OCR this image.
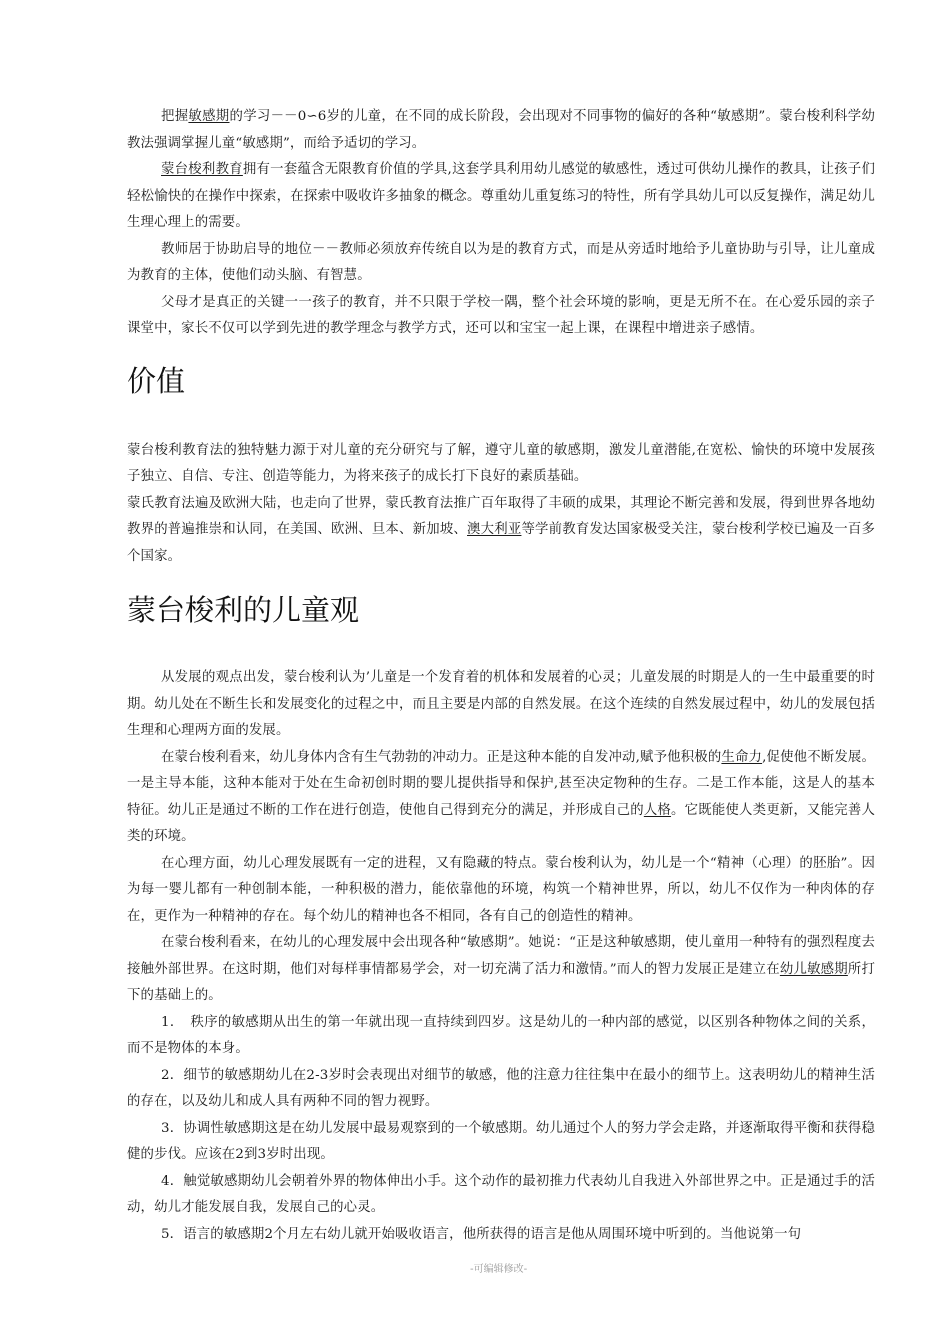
把握敏感期的学习－－0∽6岁的儿童，在不同的成长阶段，会出现对不同事物的偏好的各种“敏感期”。蒙台梭利科学幼教法强调掌握儿童“敏感期”，而给予适切的学习。

蒙台梭利教育拥有一套蕴含无限教育价值的学具,这套学具利用幼儿感觉的敏感性，透过可供幼儿操作的教具，让孩子们轻松愉快的在操作中探索，在探索中吸收许多抽象的概念。尊重幼儿重复练习的特性，所有学具幼儿可以反复操作，满足幼儿生理心理上的需要。

教师居于协助启导的地位－－教师必须放弃传统自以为是的教育方式，而是从旁适时地给予儿童协助与引导，让儿童成为教育的主体，使他们动头脑、有智慧。

父母才是真正的关键一一孩子的教育，并不只限于学校一隅，整个社会环境的影响，更是无所不在。在心爱乐园的亲子课堂中，家长不仅可以学到先进的教学理念与教学方式，还可以和宝宝一起上课，在课程中增进亲子感情。

价值

蒙台梭利教育法的独特魅力源于对儿童的充分研究与了解，遵守儿童的敏感期，激发儿童潜能,在宽松、愉快的环境中发展孩子独立、自信、专注、创造等能力，为将来孩子的成长打下良好的素质基础。

蒙氏教育法遍及欧洲大陆，也走向了世界，蒙氏教育法推广百年取得了丰硕的成果，其理论不断完善和发展，得到世界各地幼教界的普遍推崇和认同，在美国、欧洲、旦本、新加坡、澳大利亚等学前教育发达国家极受关注，蒙台梭利学校已遍及一百多个国家。

蒙台梭利的儿童观

从发展的观点出发，蒙台梭利认为’儿童是一个发育着的机体和发展着的心灵；儿童发展的时期是人的一生中最重要的时期。幼儿处在不断生长和发展变化的过程之中，而且主要是内部的自然发展。在这个连续的自然发展过程中，幼儿的发展包括生理和心理两方面的发展。

在蒙台梭利看来，幼儿身体内含有生气勃勃的冲动力。正是这种本能的自发冲动,赋予他积极的生命力,促使他不断发展。一是主导本能，这种本能对于处在生命初创时期的婴儿提供指导和保护,甚至决定物种的生存。二是工作本能，这是人的基本特征。幼儿正是通过不断的工作在进行创造，使他自己得到充分的满足，并形成自己的人格。它既能使人类更新，又能完善人类的环境。

在心理方面，幼儿心理发展既有一定的进程，又有隐藏的特点。蒙台梭利认为，幼儿是一个“精神（心理）的胚胎”。因为每一婴儿都有一种创制本能，一种积极的潜力，能依靠他的环境，构筑一个精神世界，所以，幼儿不仅作为一种肉体的存在，更作为一种精神的存在。每个幼儿的精神也各不相同，各有自己的创造性的精神。

在蒙台梭利看来，在幼儿的心理发展中会出现各种“敏感期”。她说：“正是这种敏感期，使儿童用一种特有的强烈程度去接触外部世界。在这时期，他们对每样事情都易学会，对一切充满了活力和激情。”而人的智力发展正是建立在幼儿敏感期所打下的基础上的。

1．　秩序的敏感期从出生的第一年就出现一直持续到四岁。这是幼儿的一种内部的感觉，以区别各种物体之间的关系，而不是物体的本身。

2．细节的敏感期幼儿在2-3岁时会表现出对细节的敏感，他的注意力往往集中在最小的细节上。这表明幼儿的精神生活的存在，以及幼儿和成人具有两种不同的智力视野。

3．协调性敏感期这是在幼儿发展中最易观察到的一个敏感期。幼儿通过个人的努力学会走路，并逐渐取得平衡和获得稳健的步伐。应该在2到3岁时出现。

4．触觉敏感期幼儿会朝着外界的物体伸出小手。这个动作的最初推力代表幼儿自我进入外部世界之中。正是通过手的活动，幼儿才能发展自我，发展自己的心灵。

5．语言的敏感期2个月左右幼儿就开始吸收语言，他所获得的语言是他从周围环境中听到的。当他说第一句

-可编辑修改-
